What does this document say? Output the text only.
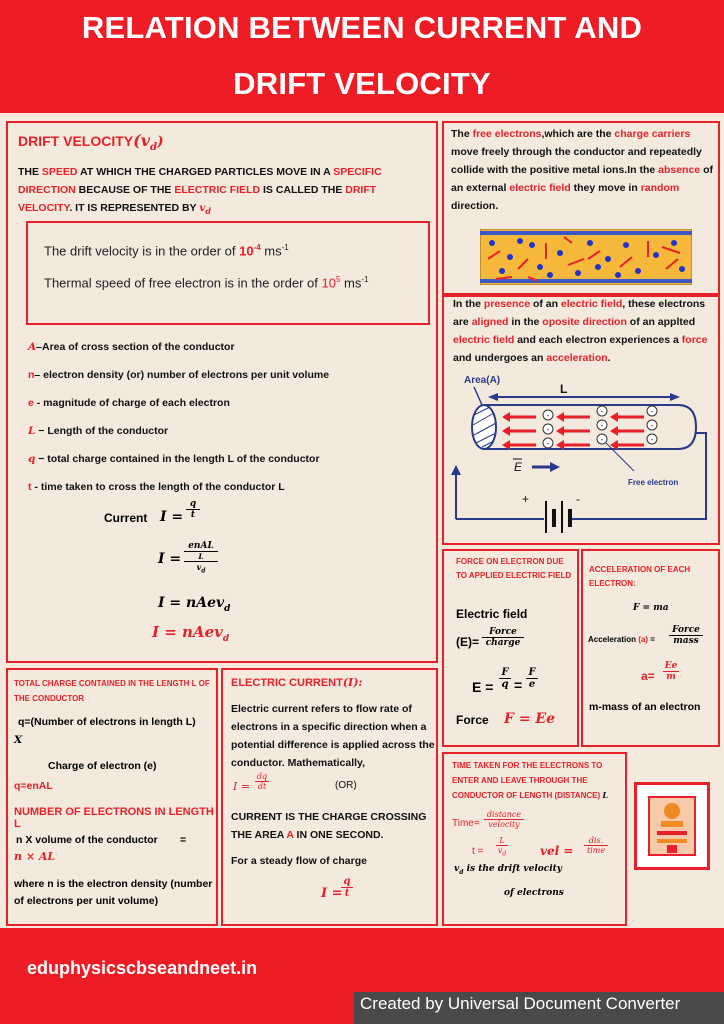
RELATION BETWEEN CURRENT AND
DRIFT VELOCITY
DRIFT $VELOCITY(v_d)$
THE SPEED AT WHICH THE CHARGED PARTICLES MOVE IN A SPECIFIC DIRECTION BECAUSE OF THE ELECTRIC FIELD IS CALLED THE DRIFT VELOCITY. IT IS REPRESENTED BY $v_d$
The drift velocity is in the order of $10^{-4}$ $ms^{-1}$
Thermal speed of free electron is in the order of $10^5$ $ms^{-1}$
A–Area of cross section of the conductor
n– electron density (or) number of electrons per unit volume
e - magnitude of charge of each electron
L − Length of the conductor
q − total charge contained in the length L of the conductor
t - time taken to cross the length of the conductor L
Current $I = \frac{q}{t}$
I =
enAL
L
$v_d$
I = nAev$_d$
I = nAev$_d$
The free electrons,which are the charge carriers move freely through the conductor and repeatedly collide with the positive metal ions.In the absence of an external electric field they move in random direction.
In the presence of an electric field, these electrons are aligned in the oposite direction of an applted electric field and each electron experiences a force and undergoes an acceleration.
Area(A)
L
-
-
-
-
-
-
-
-
-
E
Free electron
+	-
FORCE ON ELECTRON DUE TO APPLIED ELECTRIC FIELD
Electric field
(E)=
Force
charge
$E = \frac{F}{q} = \frac{F}{e}$
Force F = Ee
ACCELERATION OF EACH ELECTRON:
F = ma
Acceleration (a) =
Force
mass
$a= \frac{Ee}{m}$
m-mass of an electron
TOTAL CHARGE CONTAINED IN THE LENGTH L OF THE CONDUCTOR
q=(Number of electrons in length L)
X
Charge of electron (e)
q=enAL
NUMBER OF ELECTRONS IN LENGTH L
n X volume of the conductor =
n × AL
where n is the electron density (number of electrons per unit volume)
ELECTRIC CURRENT(I):
Electric current refers to flow rate of electrons in a specific direction when a potential difference is applied across the conductor. Mathematically,
$I = \frac{dq}{dt}$	(OR)
CURRENT IS THE CHARGE CROSSING THE AREA A IN ONE SECOND.
For a steady flow of charge
I =
$\frac{q}{t}$
TIME TAKEN FOR THE ELECTRONS TO ENTER AND LEAVE THROUGH THE CONDUCTOR OF LENGTH (DISTANCE) L
Time=
distance
velocity
$t = \frac{L}{v_d}$	vel =
dis.
time
$v_d$ is the drift velocity
of electrons
eduphysicscbseandneet.in
Created by Universal Document Converter
